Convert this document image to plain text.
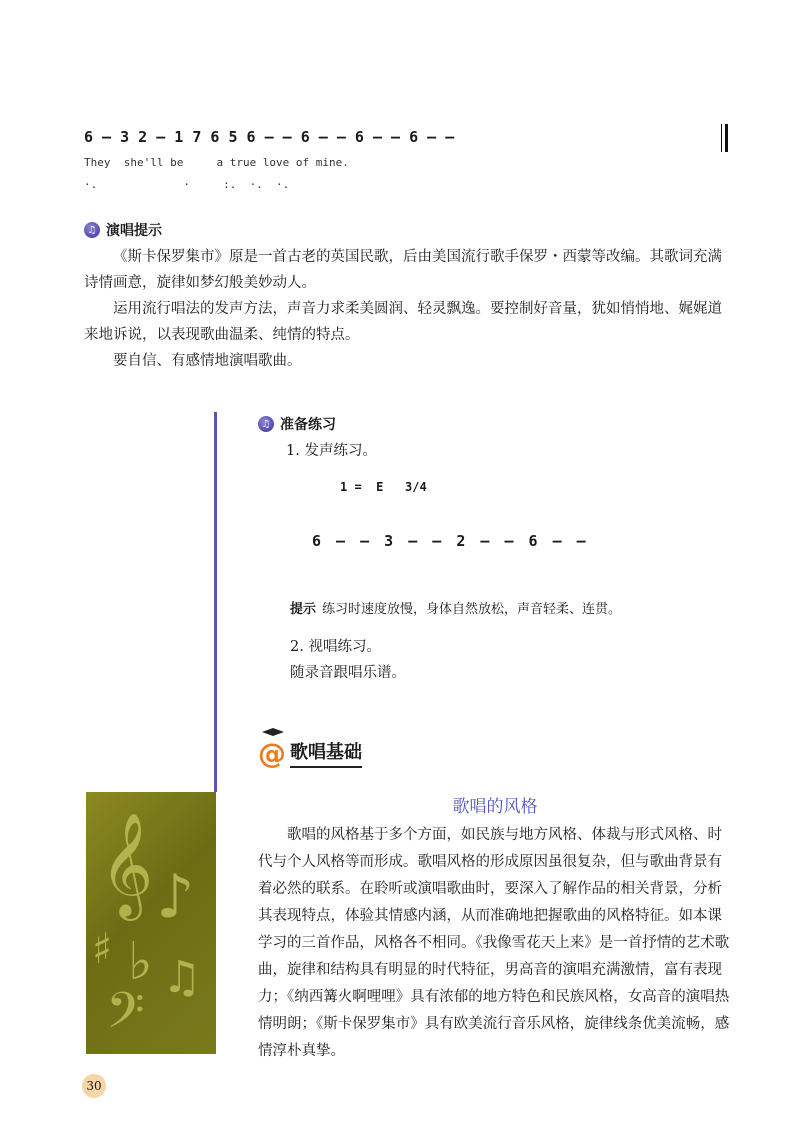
6 – 3 2 – 1 7 6 5 6 – – 6 – – 6 – – 6 – –
They  she'll be     a true love of mine.
·.             ·     :.  ·.  ·.
♫ 演唱提示

《斯卡保罗集市》原是一首古老的英国民歌，后由美国流行歌手保罗・西蒙等改编。其歌词充满诗情画意，旋律如梦幻般美妙动人。

运用流行唱法的发声方法，声音力求柔美圆润、轻灵飘逸。要控制好音量，犹如悄悄地、娓娓道来地诉说，以表现歌曲温柔、纯情的特点。

要自信、有感情地演唱歌曲。

♫ 准备练习

1. 发声练习。

1 =  E   3/4
6 – – 3 – – 2 – – 6 – –
提示 练习时速度放慢，身体自然放松，声音轻柔、连贯。

2. 视唱练习。

随录音跟唱乐谱。

@ 歌唱基础
歌唱的风格

歌唱的风格基于多个方面，如民族与地方风格、体裁与形式风格、时代与个人风格等而形成。歌唱风格的形成原因虽很复杂，但与歌曲背景有着必然的联系。在聆听或演唱歌曲时，要深入了解作品的相关背景，分析其表现特点，体验其情感内涵，从而准确地把握歌曲的风格特征。如本课学习的三首作品，风格各不相同。《我像雪花天上来》是一首抒情的艺术歌曲，旋律和结构具有明显的时代特征，男高音的演唱充满激情，富有表现力；《纳西篝火啊哩哩》具有浓郁的地方特色和民族风格，女高音的演唱热情明朗；《斯卡保罗集市》具有欧美流行音乐风格，旋律线条优美流畅，感情淳朴真挚。

𝄞 ♪
♯ ♭
𝄢
♫
30
